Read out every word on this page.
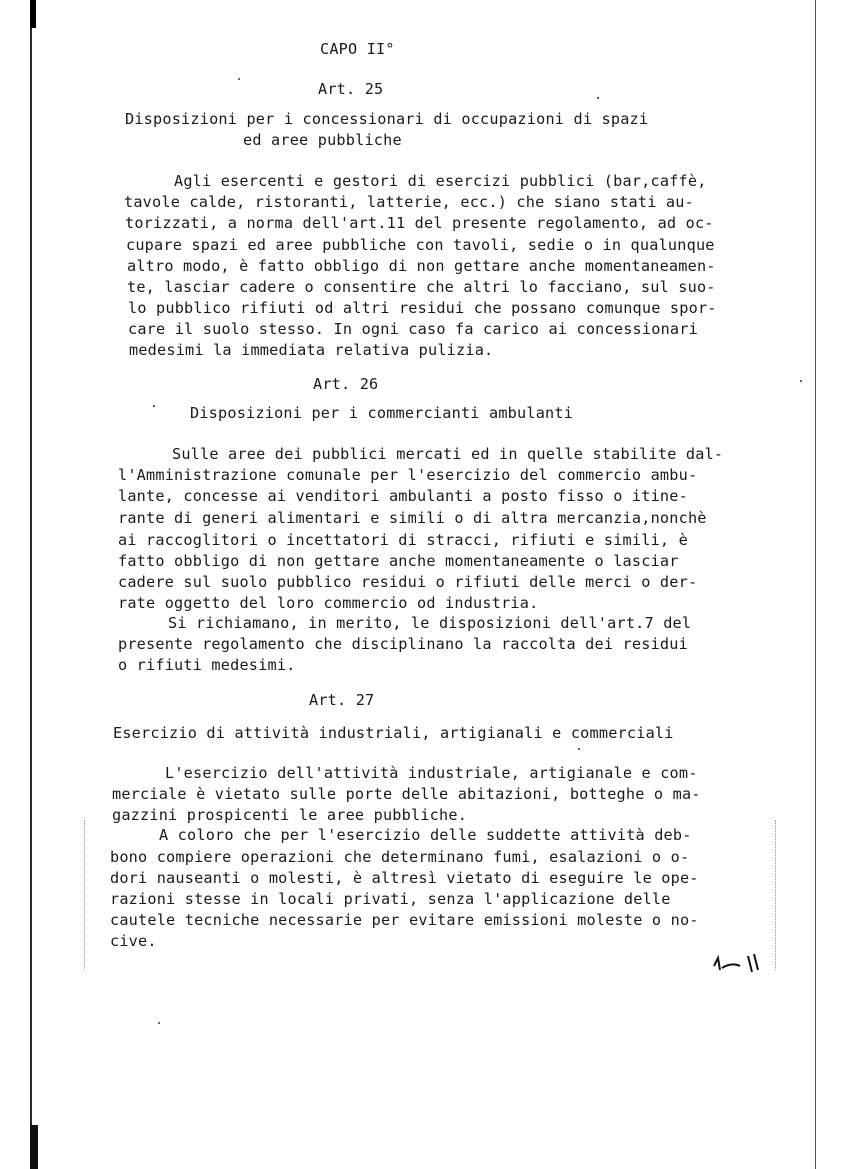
CAPO II°
Art. 25
Disposizioni per i concessionari di occupazioni di spazi
ed aree pubbliche
Agli esercenti e gestori di esercizi pubblici (bar,caffè,
tavole calde, ristoranti, latterie, ecc.) che siano stati au-
torizzati, a norma dell'art.11 del presente regolamento, ad oc-
cupare spazi ed aree pubbliche con tavoli, sedie o in qualunque
altro modo, è fatto obbligo di non gettare anche momentaneamen-
te, lasciar cadere o consentire che altri lo facciano, sul suo-
lo pubblico rifiuti od altri residui che possano comunque spor-
care il suolo stesso. In ogni caso fa carico ai concessionari
medesimi la immediata relativa pulizia.
Art. 26
Disposizioni per i commercianti ambulanti
Sulle aree dei pubblici mercati ed in quelle stabilite dal-
l'Amministrazione comunale per l'esercizio del commercio ambu-
lante, concesse ai venditori ambulanti a posto fisso o itine-
rante di generi alimentari e simili o di altra mercanzia,nonchè
ai raccoglitori o incettatori di stracci, rifiuti e simili, è
fatto obbligo di non gettare anche momentaneamente o lasciar
cadere sul suolo pubblico residui o rifiuti delle merci o der-
rate oggetto del loro commercio od industria.
Si richiamano, in merito, le disposizioni dell'art.7 del
presente regolamento che disciplinano la raccolta dei residui
o rifiuti medesimi.
Art. 27
Esercizio di attività industriali, artigianali e commerciali
L'esercizio dell'attività industriale, artigianale e com-
merciale è vietato sulle porte delle abitazioni, botteghe o ma-
gazzini prospicenti le aree pubbliche.
A coloro che per l'esercizio delle suddette attività deb-
bono compiere operazioni che determinano fumi, esalazioni o o-
dori nauseanti o molesti, è altresì vietato di eseguire le ope-
razioni stesse in locali privati, senza l'applicazione delle
cautele tecniche necessarie per evitare emissioni moleste o no-
cive.
